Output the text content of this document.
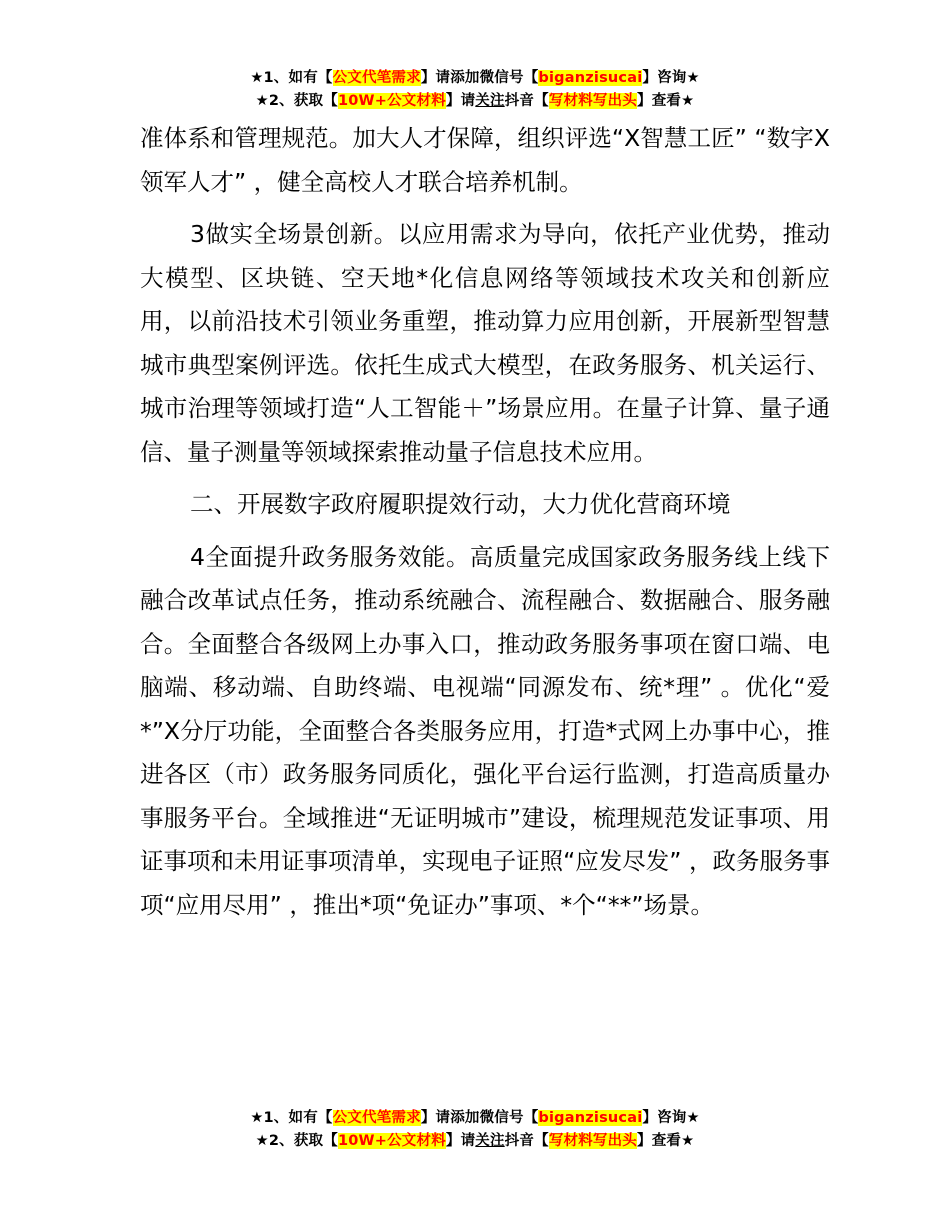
★1、如有【公文代笔需求】请添加微信号【biganzisucai】咨询★
★2、获取【10W+公文材料】请关注抖音【写材料写出头】查看★

准体系和管理规范。加大人才保障，组织评选“X智慧工匠” “数字X领军人才” ，健全高校人才联合培养机制。

3做实全场景创新。以应用需求为导向，依托产业优势，推动大模型、区块链、空天地*化信息网络等领域技术攻关和创新应用，以前沿技术引领业务重塑，推动算力应用创新，开展新型智慧城市典型案例评选。依托生成式大模型，在政务服务、机关运行、城市治理等领域打造“人工智能＋”场景应用。在量子计算、量子通信、量子测量等领域探索推动量子信息技术应用。

二、开展数字政府履职提效行动，大力优化营商环境

4全面提升政务服务效能。高质量完成国家政务服务线上线下融合改革试点任务，推动系统融合、流程融合、数据融合、服务融合。全面整合各级网上办事入口，推动政务服务事项在窗口端、电脑端、移动端、自助终端、电视端“同源发布、统*理” 。优化“爱*”X分厅功能，全面整合各类服务应用，打造*式网上办事中心，推进各区（市）政务服务同质化，强化平台运行监测，打造高质量办事服务平台。全域推进“无证明城市”建设，梳理规范发证事项、用证事项和未用证事项清单，实现电子证照“应发尽发” ，政务服务事项“应用尽用” ，推出*项“免证办”事项、*个“**”场景。

★1、如有【公文代笔需求】请添加微信号【biganzisucai】咨询★
★2、获取【10W+公文材料】请关注抖音【写材料写出头】查看★
